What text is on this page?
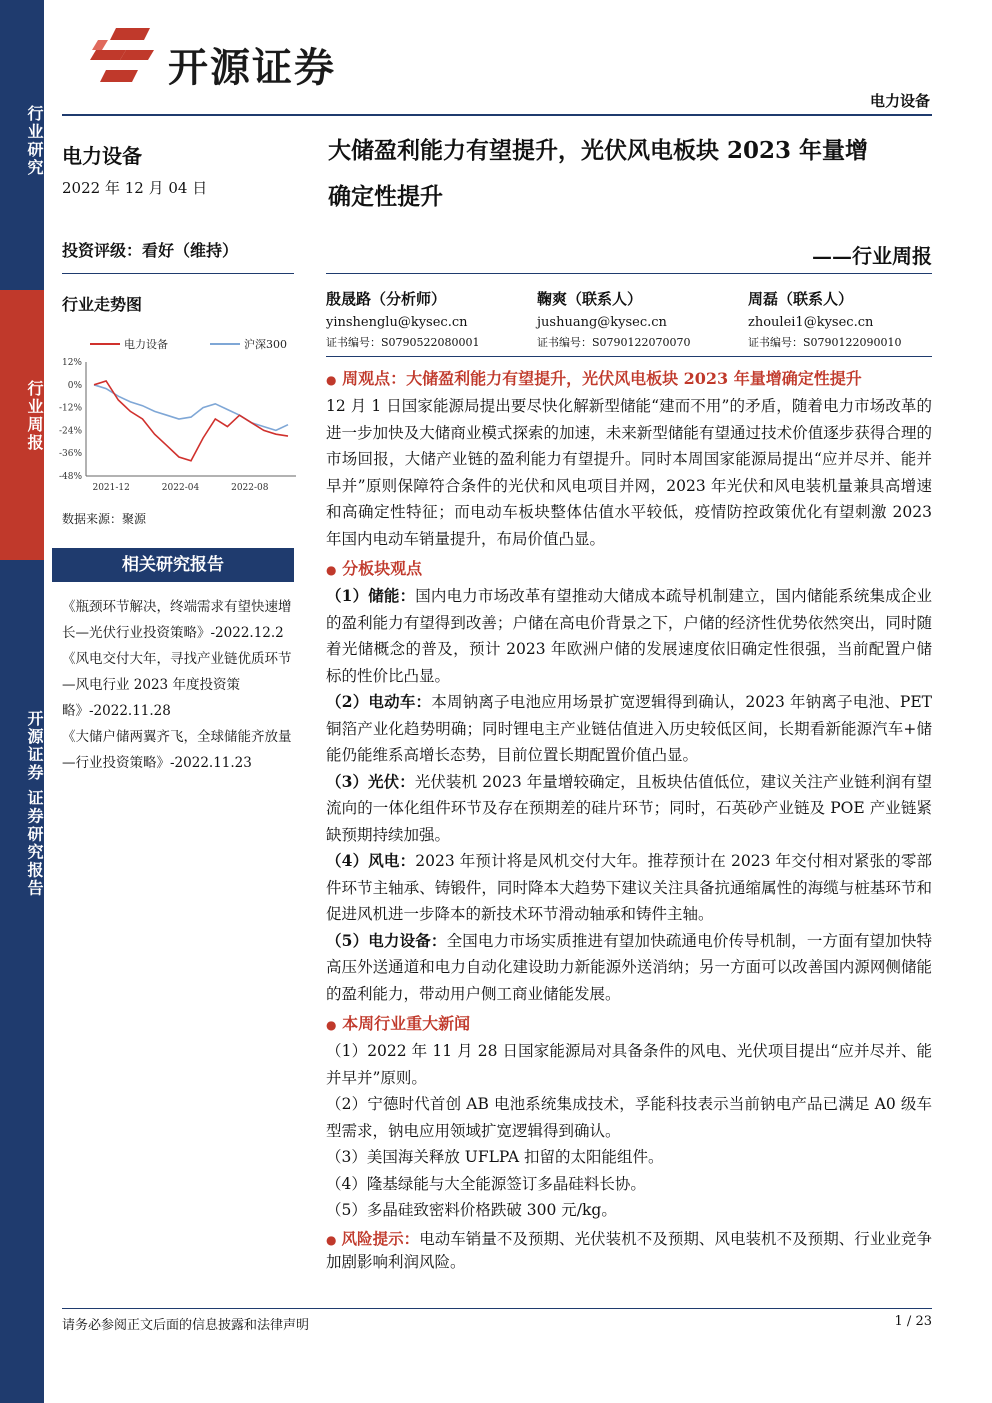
行业研究
行业周报
开源证券 证券研究报告
开源证券
电力设备
电力设备
2022 年 12 月 04 日
投资评级：看好（维持）
行业走势图
电力设备	沪深300
12%
0%
-12%
-24%
-36%
-48%
2021-12	2022-04	2022-08
数据来源：聚源
相关研究报告
《瓶颈环节解决，终端需求有望快速增长—光伏行业投资策略》-2022.12.2
《风电交付大年，寻找产业链优质环节—风电行业 2023 年度投资策略》-2022.11.28
《大储户储两翼齐飞，全球储能齐放量 —行业投资策略》-2022.11.23
大储盈利能力有望提升，光伏风电板块 2023 年量增
确定性提升
——行业周报
殷晟路（分析师）
yinshenglu@kysec.cn
证书编号：S0790522080001
鞠爽（联系人）
jushuang@kysec.cn
证书编号：S0790122070070
周磊（联系人）
zhoulei1@kysec.cn
证书编号：S0790122090010
● 周观点：大储盈利能力有望提升，光伏风电板块 2023 年量增确定性提升
12 月 1 日国家能源局提出要尽快化解新型储能“建而不用”的矛盾，随着电力市场改革的进一步加快及大储商业模式探索的加速，未来新型储能有望通过技术价值逐步获得合理的市场回报，大储产业链的盈利能力有望提升。同时本周国家能源局提出“应并尽并、能并早并”原则保障符合条件的光伏和风电项目并网，2023 年光伏和风电装机量兼具高增速和高确定性特征；而电动车板块整体估值水平较低，疫情防控政策优化有望刺激 2023 年国内电动车销量提升，布局价值凸显。
● 分板块观点
（1）储能：国内电力市场改革有望推动大储成本疏导机制建立，国内储能系统集成企业的盈利能力有望得到改善；户储在高电价背景之下，户储的经济性优势依然突出，同时随着光储概念的普及，预计 2023 年欧洲户储的发展速度依旧确定性很强，当前配置户储标的性价比凸显。
（2）电动车：本周钠离子电池应用场景扩宽逻辑得到确认，2023 年钠离子电池、PET 铜箔产业化趋势明确；同时锂电主产业链估值进入历史较低区间，长期看新能源汽车+储能仍能维系高增长态势，目前位置长期配置价值凸显。
（3）光伏：光伏装机 2023 年量增较确定，且板块估值低位，建议关注产业链利润有望流向的一体化组件环节及存在预期差的硅片环节；同时，石英砂产业链及 POE 产业链紧缺预期持续加强。
（4）风电：2023 年预计将是风机交付大年。推荐预计在 2023 年交付相对紧张的零部件环节主轴承、铸锻件，同时降本大趋势下建议关注具备抗通缩属性的海缆与桩基环节和促进风机进一步降本的新技术环节滑动轴承和铸件主轴。
（5）电力设备：全国电力市场实质推进有望加快疏通电价传导机制，一方面有望加快特高压外送通道和电力自动化建设助力新能源外送消纳；另一方面可以改善国内源网侧储能的盈利能力，带动用户侧工商业储能发展。
● 本周行业重大新闻
（1）2022 年 11 月 28 日国家能源局对具备条件的风电、光伏项目提出“应并尽并、能并早并”原则。
（2）宁德时代首创 AB 电池系统集成技术，孚能科技表示当前钠电产品已满足 A0 级车型需求，钠电应用领域扩宽逻辑得到确认。
（3）美国海关释放 UFLPA 扣留的太阳能组件。
（4）隆基绿能与大全能源签订多晶硅料长协。
（5）多晶硅致密料价格跌破 300 元/kg。
● 风险提示：电动车销量不及预期、光伏装机不及预期、风电装机不及预期、行业业竞争加剧影响利润风险。
请务必参阅正文后面的信息披露和法律声明	1 / 23
